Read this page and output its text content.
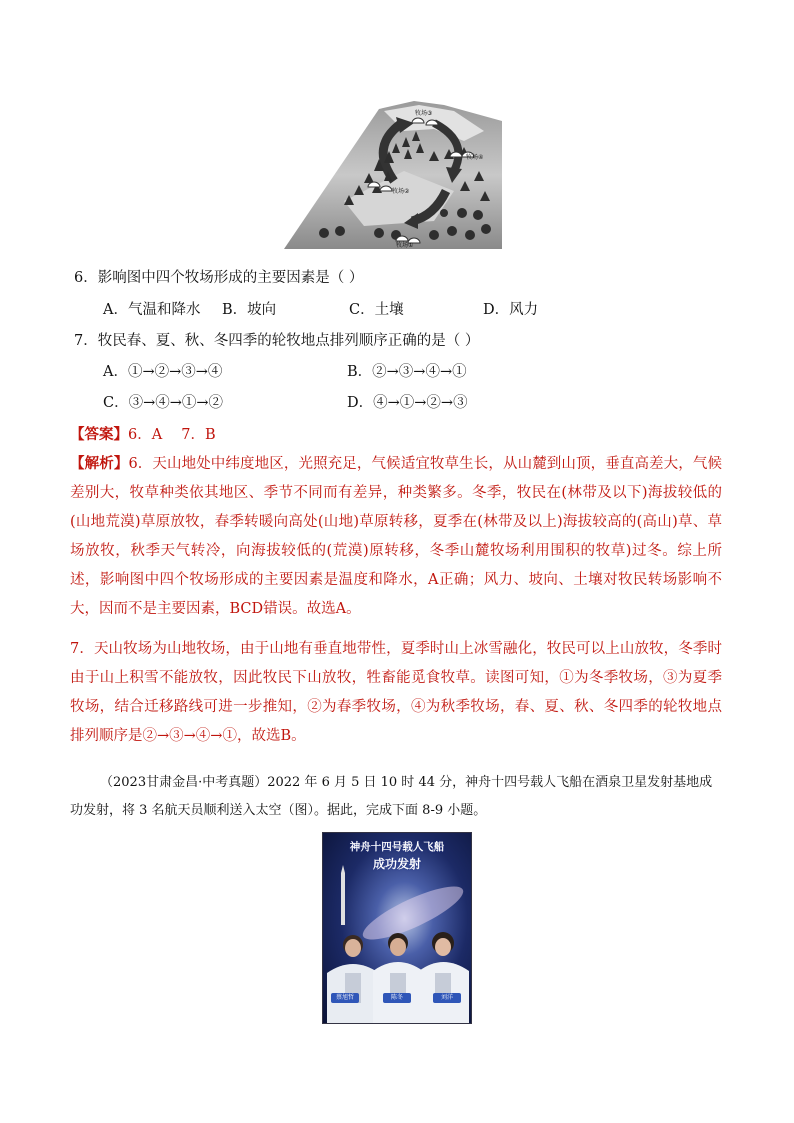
牧场③
牧场④
牧场②
牧场①
6．影响图中四个牧场形成的主要因素是（ ）
A．气温和降水 B．坡向	C．土壤	D．风力
7．牧民春、夏、秋、冬四季的轮牧地点排列顺序正确的是（ ）
A．①→②→③→④	B．②→③→④→①
C．③→④→①→②	D．④→①→②→③
【答案】6．A　 7．B
【解析】6．天山地处中纬度地区，光照充足，气候适宜牧草生长，从山麓到山顶，垂直高差大，气候差别大，牧草种类依其地区、季节不同而有差异，种类繁多。冬季，牧民在(林带及以下)海拔较低的(山地荒漠)草原放牧，春季转暖向高处(山地)草原转移，夏季在(林带及以上)海拔较高的(高山)草、草场放牧，秋季天气转冷，向海拔较低的(荒漠)原转移，冬季山麓牧场利用围积的牧草)过冬。综上所述，影响图中四个牧场形成的主要因素是温度和降水，A正确；风力、坡向、土壤对牧民转场影响不大，因而不是主要因素，BCD错误。故选A。
7．天山牧场为山地牧场，由于山地有垂直地带性，夏季时山上冰雪融化，牧民可以上山放牧，冬季时由于山上积雪不能放牧，因此牧民下山放牧，牲畜能觅食牧草。读图可知，①为冬季牧场，③为夏季牧场，结合迁移路线可进一步推知，②为春季牧场，④为秋季牧场，春、夏、秋、冬四季的轮牧地点排列顺序是②→③→④→①，故选B。
（2023甘肃金昌·中考真题）2022 年 6 月 5 日 10 时 44 分，神舟十四号载人飞船在酒泉卫星发射基地成功发射，将 3 名航天员顺利送入太空（图）。据此，完成下面 8-9 小题。
神舟十四号载人飞船
成功发射
蔡旭哲	陈冬	刘洋
